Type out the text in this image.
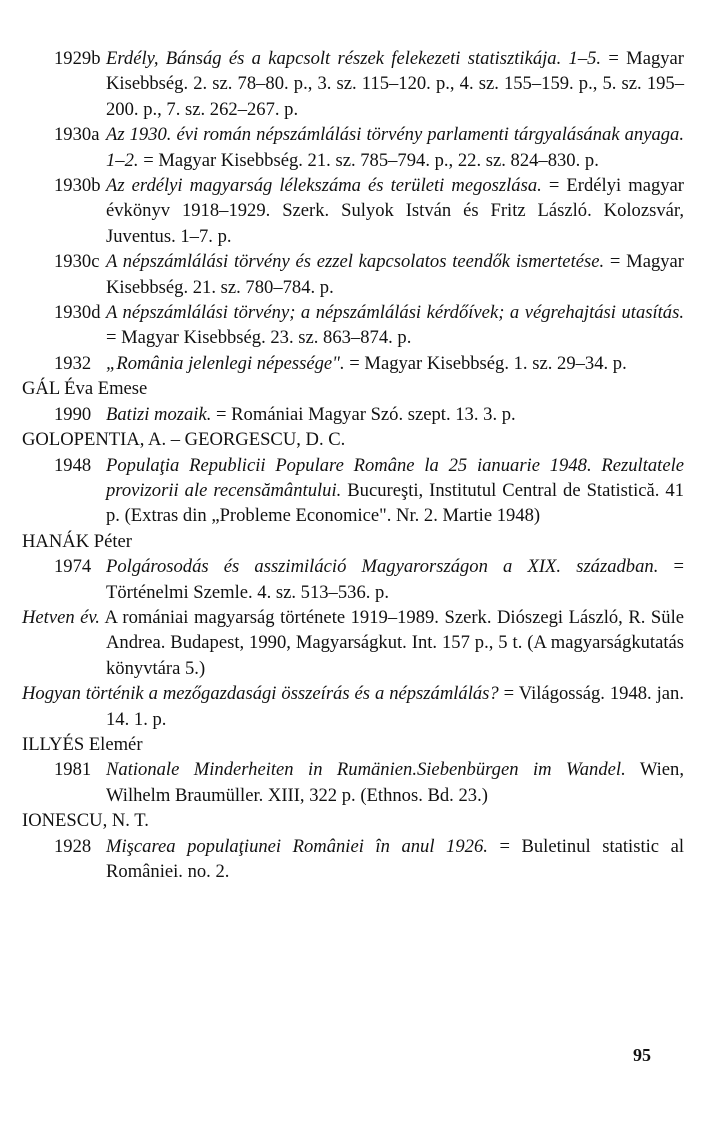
1929b Erdély, Bánság és a kapcsolt részek felekezeti statisztikája. 1–5. = Magyar Kisebbség. 2. sz. 78–80. p., 3. sz. 115–120. p., 4. sz. 155–159. p., 5. sz. 195–200. p., 7. sz. 262–267. p.
1930a Az 1930. évi román népszámlálási törvény parlamenti tárgyalásának anyaga. 1–2. = Magyar Kisebbség. 21. sz. 785–794. p., 22. sz. 824–830. p.
1930b Az erdélyi magyarság lélekszáma és területi megoszlása. = Erdélyi magyar évkönyv 1918–1929. Szerk. Sulyok István és Fritz László. Kolozsvár, Juventus. 1–7. p.
1930c A népszámlálási törvény és ezzel kapcsolatos teendők ismertetése. = Magyar Kisebbség. 21. sz. 780–784. p.
1930d A népszámlálási törvény; a népszámlálási kérdőívek; a végrehajtási utasítás. = Magyar Kisebbség. 23. sz. 863–874. p.
1932 „România jelenlegi népessége". = Magyar Kisebbség. 1. sz. 29–34. p.
GÁL Éva Emese
1990 Batizi mozaik. = Romániai Magyar Szó. szept. 13. 3. p.
GOLOPENTIA, A. – GEORGESCU, D. C.
1948 Populaţia Republicii Populare Române la 25 ianuarie 1948. Rezultatele provizorii ale recensământului. Bucureşti, Institutul Central de Statistică. 41 p. (Extras din „Probleme Economice". Nr. 2. Martie 1948)
HANÁK Péter
1974 Polgárosodás és asszimiláció Magyarországon a XIX. században. = Történelmi Szemle. 4. sz. 513–536. p.
Hetven év. A romániai magyarság története 1919–1989. Szerk. Diószegi László, R. Süle Andrea. Budapest, 1990, Magyarságkut. Int. 157 p., 5 t. (A magyarságkutatás könyvtára 5.)
Hogyan történik a mezőgazdasági összeírás és a népszámlálás? = Világosság. 1948. jan. 14. 1. p.
ILLYÉS Elemér
1981 Nationale Minderheiten in Rumänien.Siebenbürgen im Wandel. Wien, Wilhelm Braumüller. XIII, 322 p. (Ethnos. Bd. 23.)
IONESCU, N. T.
1928 Mişcarea populaţiunei României în anul 1926. = Buletinul statistic al României. no. 2.
95
